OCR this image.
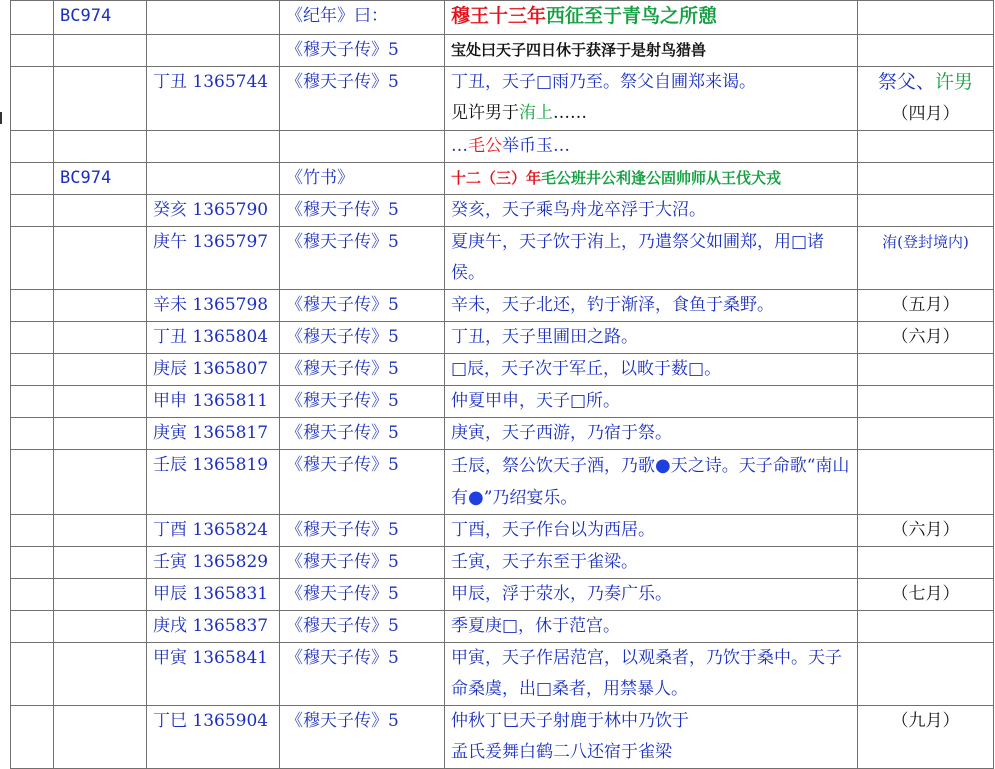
	BC974		《纪年》曰：	穆王十三年西征至于青鸟之所憩	
			《穆天子传》5	宝处曰天子四日休于获泽于是射鸟猎兽	
		丁丑 1365744	《穆天子传》5	丁丑，天子□雨乃至。祭父自圃郑来谒。
见许男于洧上……	祭父、许男
（四月）
				…毛公举币玉…	
	BC974		《竹书》	十二（三）年毛公班井公利逢公固帅师从王伐犬戎	
		癸亥 1365790	《穆天子传》5	癸亥，天子乘鸟舟龙卒浮于大沼。	
		庚午 1365797	《穆天子传》5	夏庚午，天子饮于洧上，乃遣祭父如圃郑，用□诸侯。	洧(登封境内)
		辛未 1365798	《穆天子传》5	辛未，天子北还，钓于渐泽，食鱼于桑野。	（五月）
		丁丑 1365804	《穆天子传》5	丁丑，天子里圃田之路。	（六月）
		庚辰 1365807	《穆天子传》5	□辰，天子次于军丘，以畋于薮□。	
		甲申 1365811	《穆天子传》5	仲夏甲申，天子□所。	
		庚寅 1365817	《穆天子传》5	庚寅，天子西游，乃宿于祭。	
		壬辰 1365819	《穆天子传》5	壬辰，祭公饮天子酒，乃歌●天之诗。天子命歌“南山有●”乃绍宴乐。	
		丁酉 1365824	《穆天子传》5	丁酉，天子作台以为西居。	（六月）
		壬寅 1365829	《穆天子传》5	壬寅，天子东至于雀梁。	
		甲辰 1365831	《穆天子传》5	甲辰，浮于荥水，乃奏广乐。	（七月）
		庚戌 1365837	《穆天子传》5	季夏庚□，休于范宫。	
		甲寅 1365841	《穆天子传》5	甲寅，天子作居范宫，以观桑者，乃饮于桑中。天子命桑虞，出□桑者，用禁暴人。	
		丁巳 1365904	《穆天子传》5	仲秋丁巳天子射鹿于林中乃饮于
孟氏爰舞白鹤二八还宿于雀梁	（九月）
